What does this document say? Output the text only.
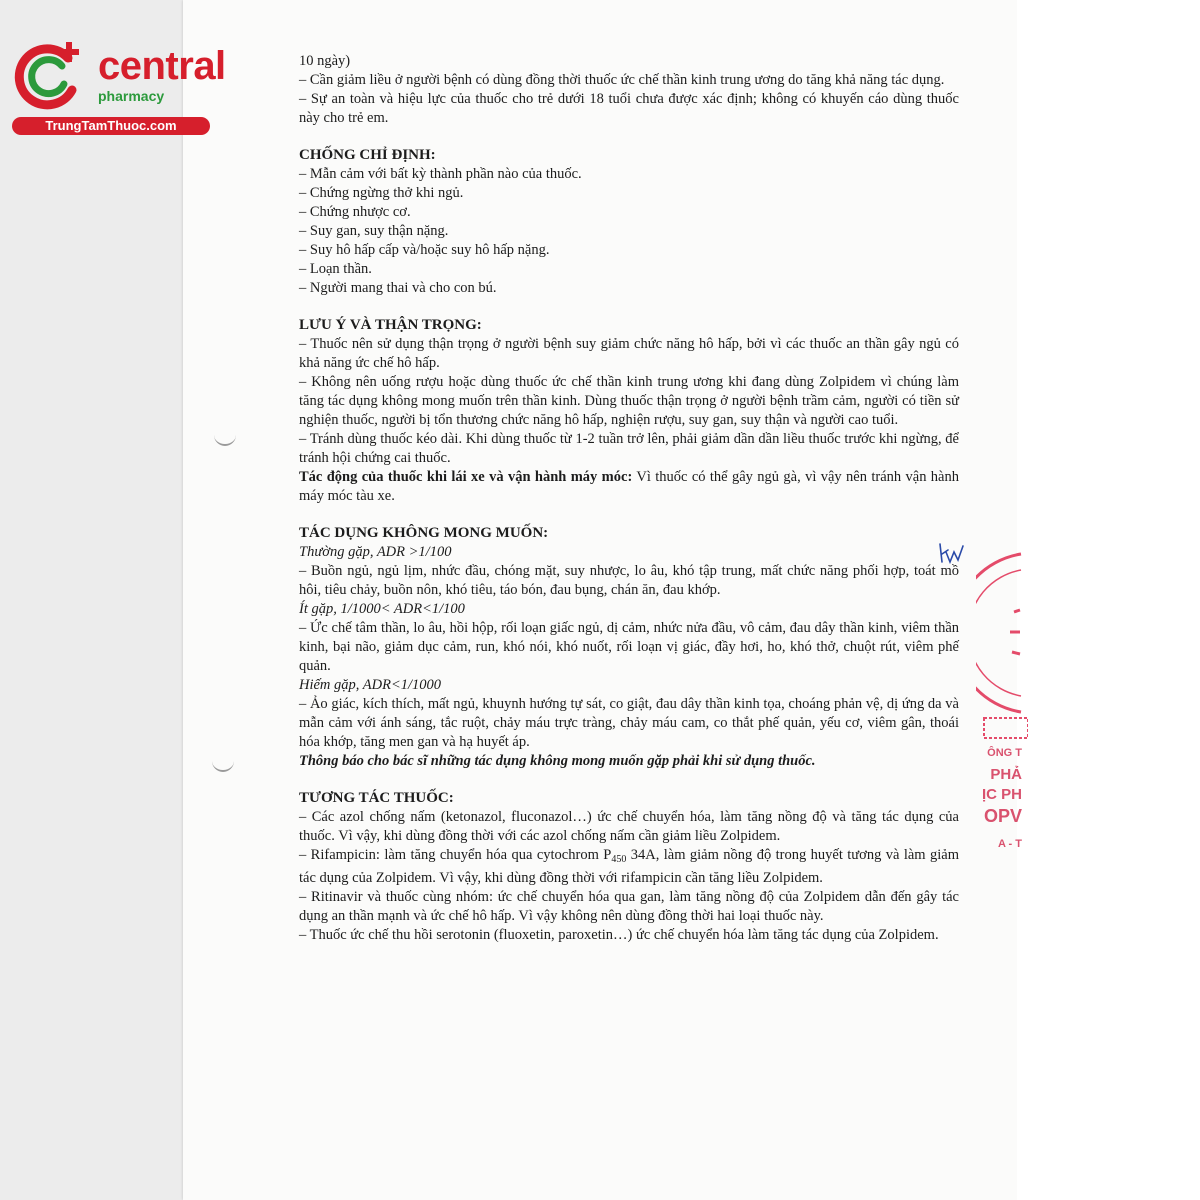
central
pharmacy
TrungTamThuoc.com

10 ngày)

– Cần giảm liều ở người bệnh có dùng đồng thời thuốc ức chế thần kinh trung ương do tăng khả năng tác dụng.

– Sự an toàn và hiệu lực của thuốc cho trẻ dưới 18 tuổi chưa được xác định; không có khuyến cáo dùng thuốc này cho trẻ em.

CHỐNG CHỈ ĐỊNH:

– Mẫn cảm với bất kỳ thành phần nào của thuốc.

– Chứng ngừng thở khi ngủ.

– Chứng nhược cơ.

– Suy gan, suy thận nặng.

– Suy hô hấp cấp và/hoặc suy hô hấp nặng.

– Loạn thần.

– Người mang thai và cho con bú.

LƯU Ý VÀ THẬN TRỌNG:

– Thuốc nên sử dụng thận trọng ở người bệnh suy giảm chức năng hô hấp, bởi vì các thuốc an thần gây ngủ có khả năng ức chế hô hấp.

– Không nên uống rượu hoặc dùng thuốc ức chế thần kinh trung ương khi đang dùng Zolpidem vì chúng làm tăng tác dụng không mong muốn trên thần kinh. Dùng thuốc thận trọng ở người bệnh trầm cảm, người có tiền sử nghiện thuốc, người bị tổn thương chức năng hô hấp, nghiện rượu, suy gan, suy thận và người cao tuổi.

– Tránh dùng thuốc kéo dài. Khi dùng thuốc từ 1-2 tuần trở lên, phải giảm dần dần liều thuốc trước khi ngừng, để tránh hội chứng cai thuốc.

Tác động của thuốc khi lái xe và vận hành máy móc: Vì thuốc có thể gây ngủ gà, vì vậy nên tránh vận hành máy móc tàu xe.

TÁC DỤNG KHÔNG MONG MUỐN:

Thường gặp, ADR >1/100

– Buồn ngủ, ngủ lịm, nhức đầu, chóng mặt, suy nhược, lo âu, khó tập trung, mất chức năng phối hợp, toát mồ hôi, tiêu chảy, buồn nôn, khó tiêu, táo bón, đau bụng, chán ăn, đau khớp.

Ít gặp, 1/1000< ADR<1/100

– Ức chế tâm thần, lo âu, hồi hộp, rối loạn giấc ngủ, dị cảm, nhức nửa đầu, vô cảm, đau dây thần kinh, viêm thần kinh, bại não, giảm dục cảm, run, khó nói, khó nuốt, rối loạn vị giác, đầy hơi, ho, khó thở, chuột rút, viêm phế quản.

Hiếm gặp, ADR<1/1000

– Ảo giác, kích thích, mất ngủ, khuynh hướng tự sát, co giật, đau dây thần kinh tọa, choáng phản vệ, dị ứng da và mẫn cảm với ánh sáng, tắc ruột, chảy máu trực tràng, chảy máu cam, co thắt phế quản, yếu cơ, viêm gân, thoái hóa khớp, tăng men gan và hạ huyết áp.

Thông báo cho bác sĩ những tác dụng không mong muốn gặp phải khi sử dụng thuốc.

TƯƠNG TÁC THUỐC:

– Các azol chống nấm (ketonazol, fluconazol…) ức chế chuyển hóa, làm tăng nồng độ và tăng tác dụng của thuốc. Vì vậy, khi dùng đồng thời với các azol chống nấm cần giảm liều Zolpidem.

– Rifampicin: làm tăng chuyển hóa qua cytochrom $P_{450}$ 34A, làm giảm nồng độ trong huyết tương và làm giảm tác dụng của Zolpidem. Vì vậy, khi dùng đồng thời với rifampicin cần tăng liều Zolpidem.

– Ritinavir và thuốc cùng nhóm: ức chế chuyển hóa qua gan, làm tăng nồng độ của Zolpidem dẫn đến gây tác dụng an thần mạnh và ức chế hô hấp. Vì vậy không nên dùng đồng thời hai loại thuốc này.

– Thuốc ức chế thu hồi serotonin (fluoxetin, paroxetin…) ức chế chuyển hóa làm tăng tác dụng của Zolpidem.

ÔNG T
PHẢ
ỊC PH
OPV
A - T
